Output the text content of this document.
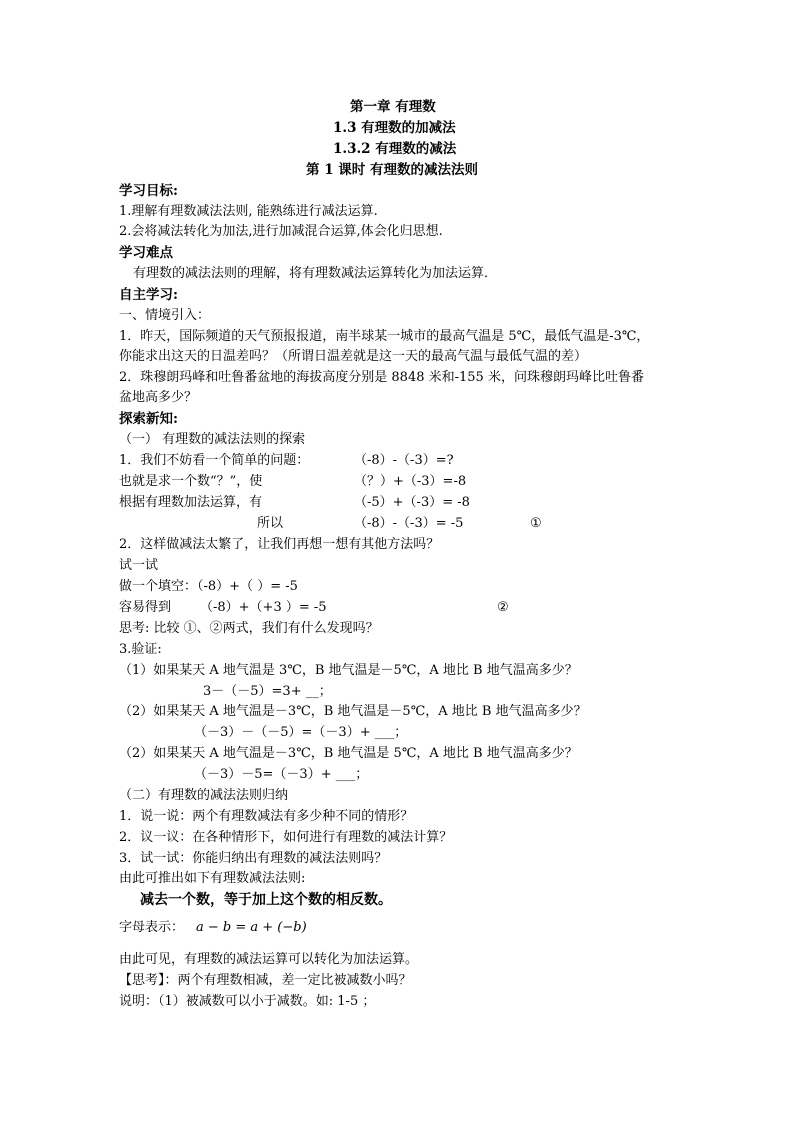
第一章 有理数
1.3 有理数的加减法
1.3.2 有理数的减法
第 1 课时 有理数的减法法则
学习目标:
1.理解有理数减法法则, 能熟练进行减法运算.
2.会将减法转化为加法,进行加减混合运算,体会化归思想.
学习难点
有理数的减法法则的理解，将有理数减法运算转化为加法运算．
自主学习:
一、情境引入：
1．昨天，国际频道的天气预报报道，南半球某一城市的最高气温是 5℃，最低气温是-3℃，
你能求出这天的日温差吗？（所谓日温差就是这一天的最高气温与最低气温的差）
2．珠穆朗玛峰和吐鲁番盆地的海拔高度分别是 8848 米和-155 米，问珠穆朗玛峰比吐鲁番
盆地高多少？
探索新知:
（一） 有理数的减法法则的探索
1．我们不妨看一个简单的问题：	（-8）-（-3）=?
也就是求一个数“？”，使	（？）+（-3）=-8
根据有理数加法运算，有	（-5）+（-3）= -8
所以	（-8）-（-3）= -5	①
2．这样做减法太繁了，让我们再想一想有其他方法吗？
试一试
做一个填空：（-8）+（ ）= -5
容易得到 （-8）+（+3 ）= -5	②
思考: 比较 ①、②两式，我们有什么发现吗？
3.验证:
（1）如果某天 A 地气温是 3℃，B 地气温是－5℃，A 地比 B 地气温高多少？
3－（－5）=3+ __；
（2）如果某天 A 地气温是－3℃，B 地气温是－5℃，A 地比 B 地气温高多少？
（－3）－（－5）=（－3）+ ___；
（2）如果某天 A 地气温是－3℃，B 地气温是 5℃，A 地比 B 地气温高多少？
（－3）－5=（－3）+ ___；
（二）有理数的减法法则归纳
1．说一说：两个有理数减法有多少种不同的情形？
2．议一议：在各种情形下，如何进行有理数的减法计算？
3．试一试：你能归纳出有理数的减法法则吗？
由此可推出如下有理数减法法则:
减去一个数，等于加上这个数的相反数。
字母表示： a − b = a + (−b)
由此可见，有理数的减法运算可以转化为加法运算。
【思考】：两个有理数相减，差一定比被减数小吗？
说明：（1）被减数可以小于减数。如: 1-5 ；
